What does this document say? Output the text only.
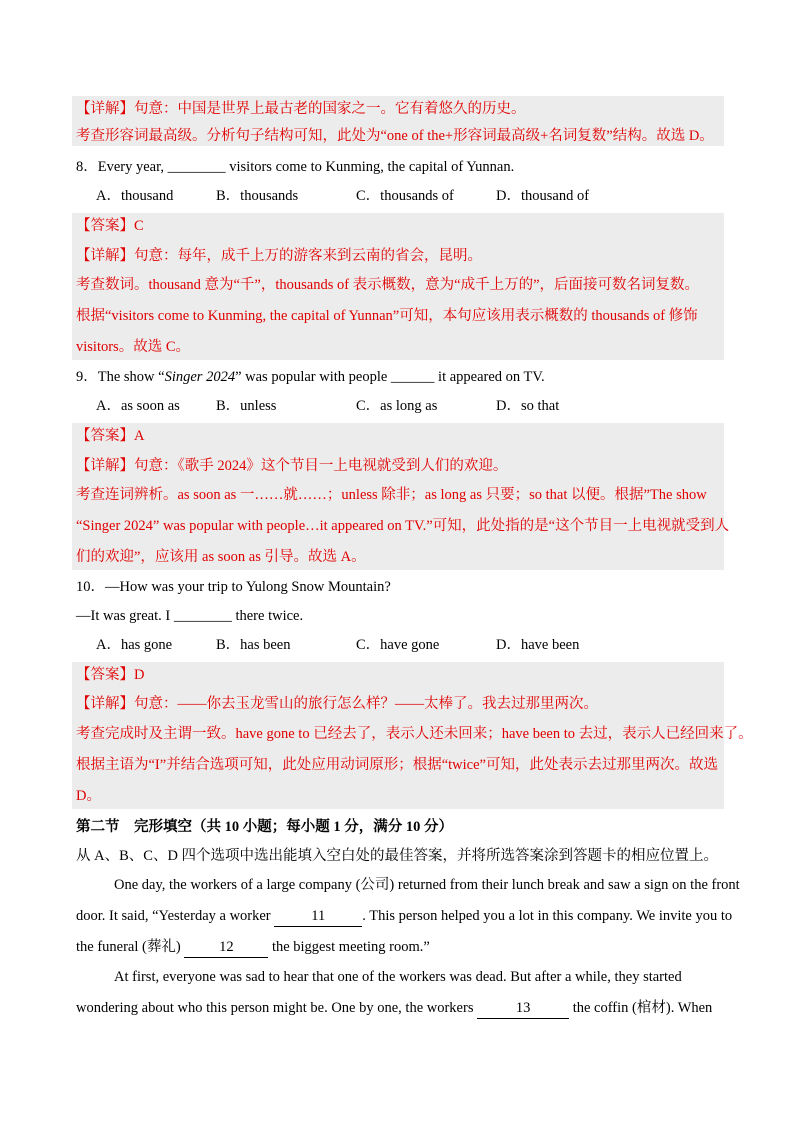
【详解】句意：中国是世界上最古老的国家之一。它有着悠久的历史。
考查形容词最高级。分析句子结构可知，此处为“one of the+形容词最高级+名词复数”结构。故选 D。
8．Every year, ________ visitors come to Kunming, the capital of Yunnan.
A．thousand	B．thousands	C．thousands of	D．thousand of
【答案】C
【详解】句意：每年，成千上万的游客来到云南的省会，昆明。
考查数词。thousand 意为“千”，thousands of 表示概数，意为“成千上万的”，后面接可数名词复数。
根据“visitors come to Kunming, the capital of Yunnan”可知，本句应该用表示概数的 thousands of 修饰
visitors。故选 C。
9．The show “Singer 2024” was popular with people ______ it appeared on TV.
A．as soon as B．unless	C．as long as	D．so that
【答案】A
【详解】句意：《歌手 2024》这个节目一上电视就受到人们的欢迎。
考查连词辨析。as soon as 一……就……；unless 除非；as long as 只要；so that 以便。根据”The show
“Singer 2024” was popular with people…it appeared on TV.”可知，此处指的是“这个节目一上电视就受到人
们的欢迎”，应该用 as soon as 引导。故选 A。
10．—How was your trip to Yulong Snow Mountain?
—It was great. I ________ there twice.
A．has gone	B．has been	C．have gone	D．have been
【答案】D
【详解】句意：——你去玉龙雪山的旅行怎么样？——太棒了。我去过那里两次。
考查完成时及主谓一致。have gone to 已经去了，表示人还未回来；have been to 去过，表示人已经回来了。
根据主语为“I”并结合选项可知，此处应用动词原形；根据“twice”可知，此处表示去过那里两次。故选
D。
第二节　完形填空（共 10 小题；每小题 1 分，满分 10 分）
从 A、B、C、D 四个选项中选出能填入空白处的最佳答案，并将所选答案涂到答题卡的相应位置上。
One day, the workers of a large company (公司) returned from their lunch break and saw a sign on the front
door. It said, “Yesterday a worker	11	. This person helped you a lot in this company. We invite you to
the funeral (葬礼)	12	the biggest meeting room.”
At first, everyone was sad to hear that one of the workers was dead. But after a while, they started
wondering about who this person might be. One by one, the workers	13	the coffin (棺材). When
